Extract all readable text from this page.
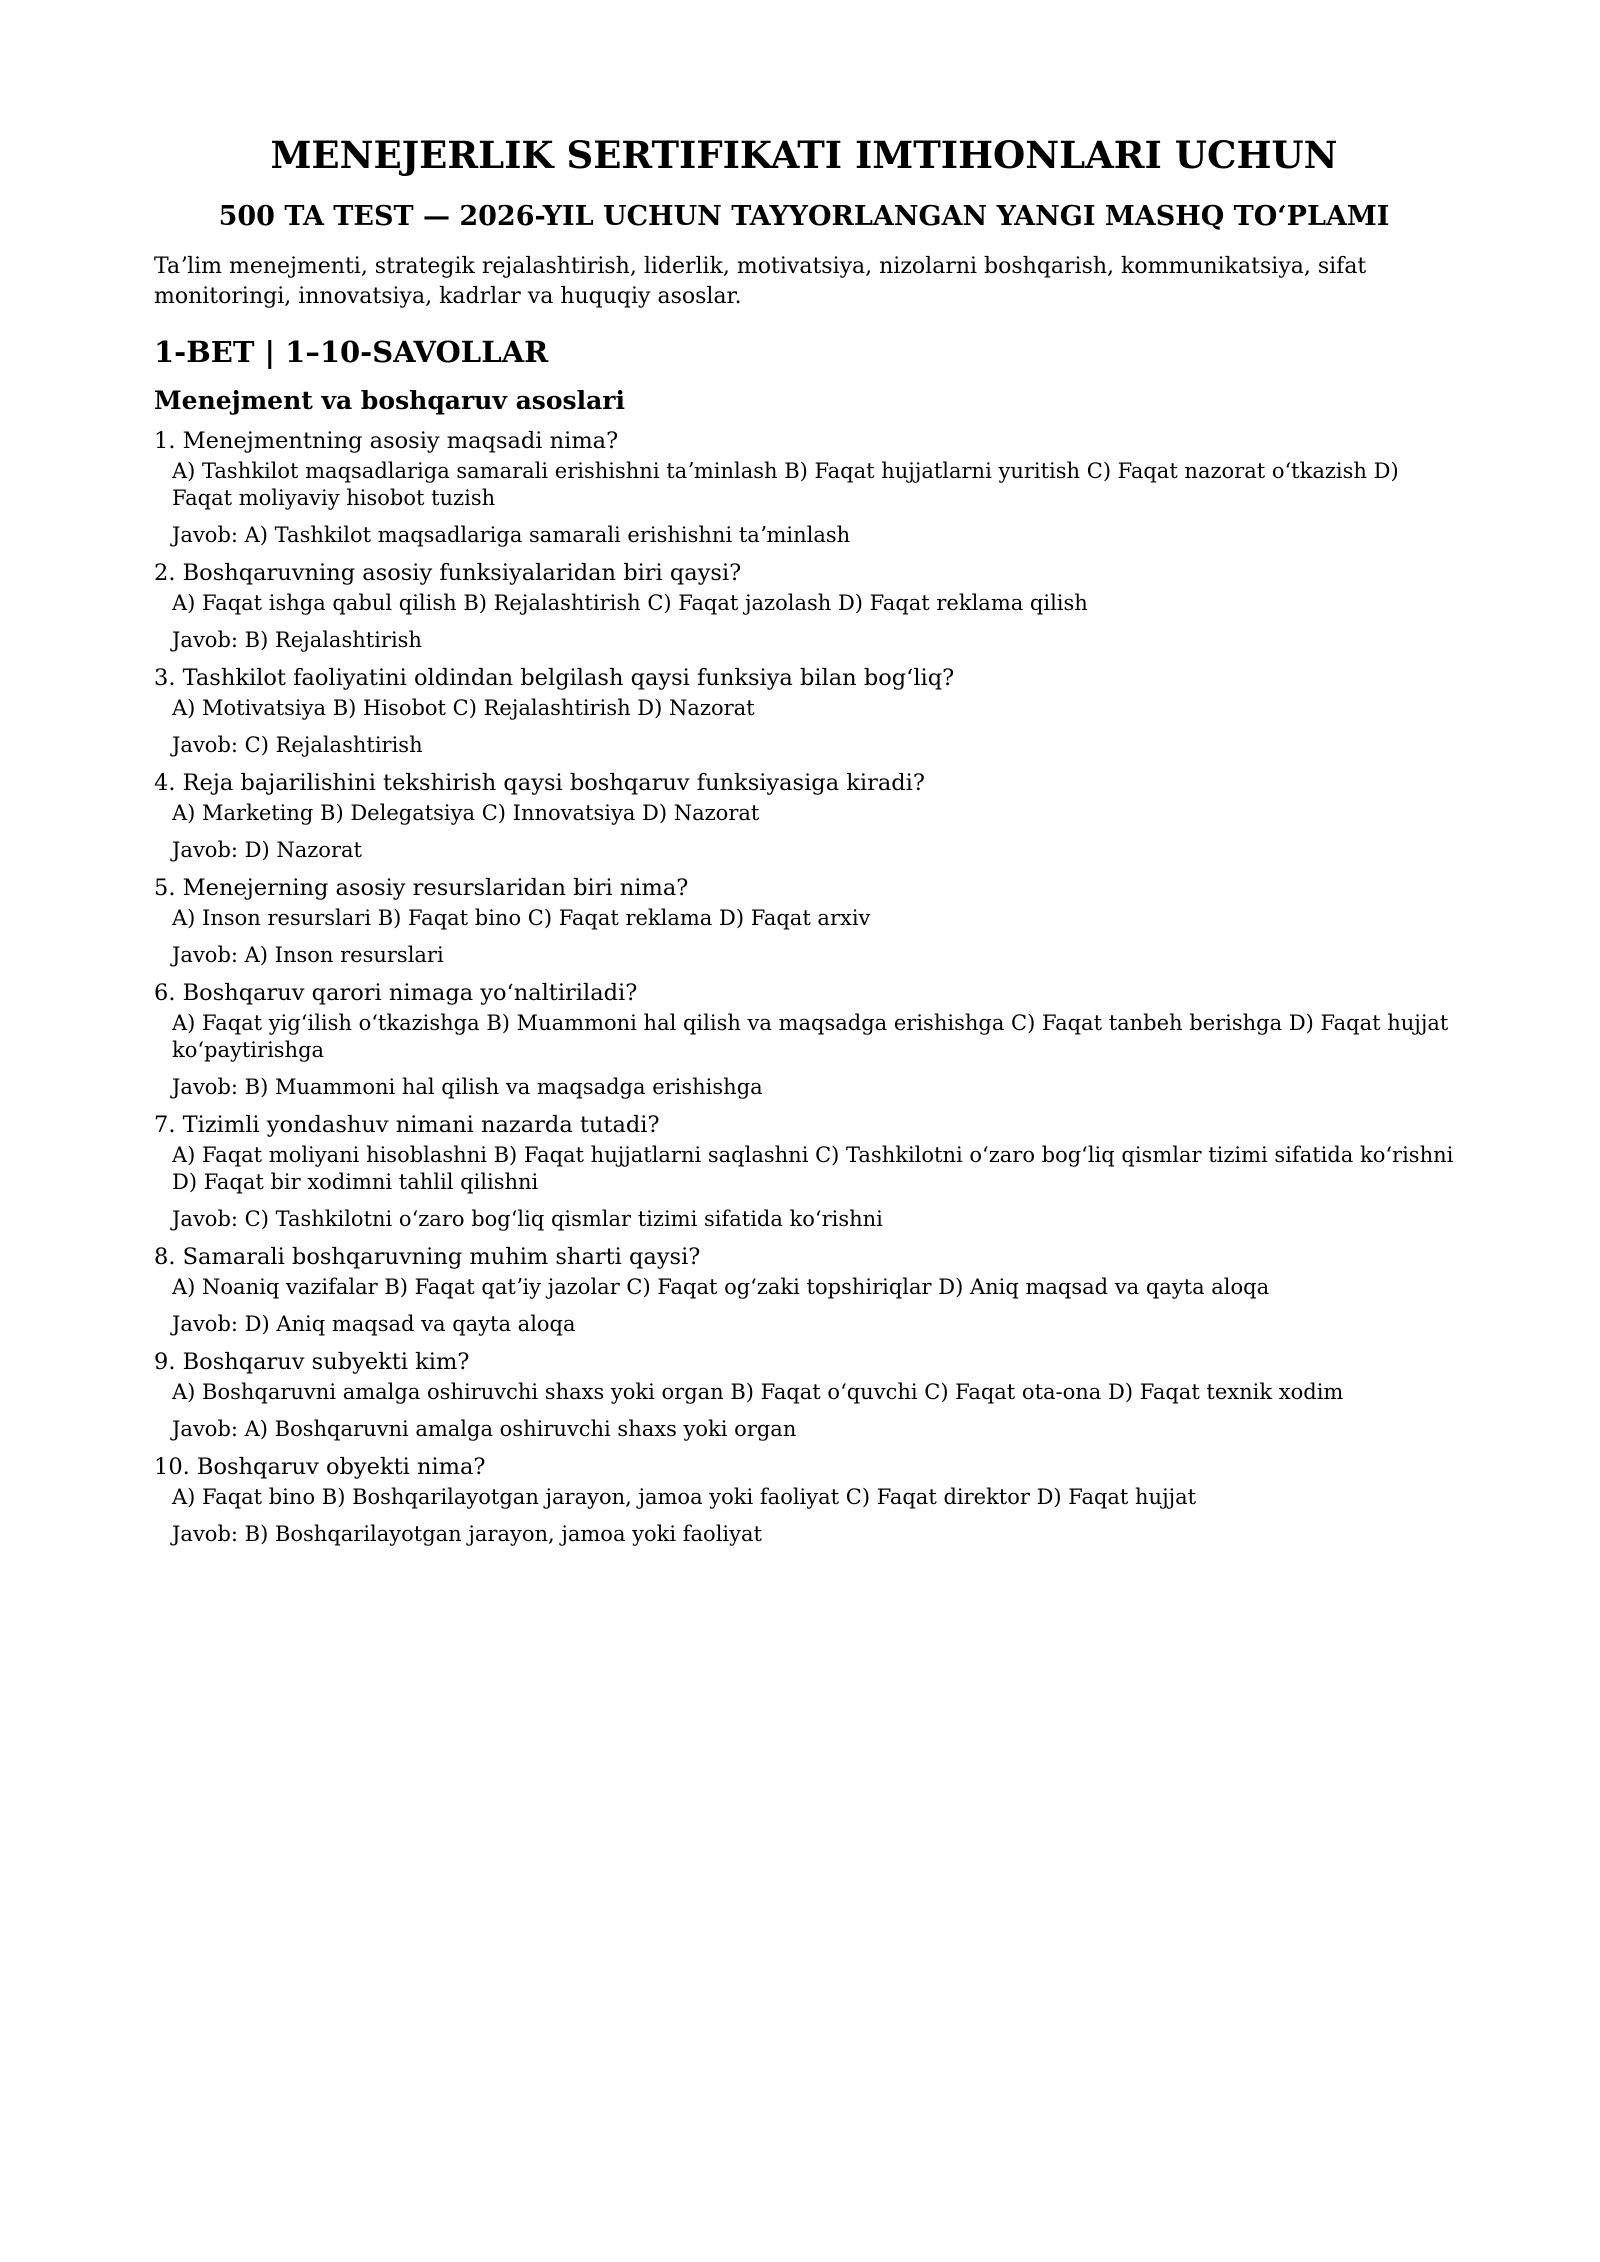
MENEJERLIK SERTIFIKATI IMTIHONLARI UCHUN
500 TA TEST — 2026-YIL UCHUN TAYYORLANGAN YANGI MASHQ TOʻPLAMI

Taʼlim menejmenti, strategik rejalashtirish, liderlik, motivatsiya, nizolarni boshqarish, kommunikatsiya, sifat monitoringi, innovatsiya, kadrlar va huquqiy asoslar.

1-BET | 1–10-SAVOLLAR
Menejment va boshqaruv asoslari

1. Menejmentning asosiy maqsadi nima?

A) Tashkilot maqsadlariga samarali erishishni taʼminlash B) Faqat hujjatlarni yuritish C) Faqat nazorat oʻtkazish D) Faqat moliyaviy hisobot tuzish

Javob: A) Tashkilot maqsadlariga samarali erishishni taʼminlash

2. Boshqaruvning asosiy funksiyalaridan biri qaysi?

A) Faqat ishga qabul qilish B) Rejalashtirish C) Faqat jazolash D) Faqat reklama qilish

Javob: B) Rejalashtirish

3. Tashkilot faoliyatini oldindan belgilash qaysi funksiya bilan bogʻliq?

A) Motivatsiya B) Hisobot C) Rejalashtirish D) Nazorat

Javob: C) Rejalashtirish

4. Reja bajarilishini tekshirish qaysi boshqaruv funksiyasiga kiradi?

A) Marketing B) Delegatsiya C) Innovatsiya D) Nazorat

Javob: D) Nazorat

5. Menejerning asosiy resurslaridan biri nima?

A) Inson resurslari B) Faqat bino C) Faqat reklama D) Faqat arxiv

Javob: A) Inson resurslari

6. Boshqaruv qarori nimaga yoʻnaltiriladi?

A) Faqat yigʻilish oʻtkazishga B) Muammoni hal qilish va maqsadga erishishga C) Faqat tanbeh berishga D) Faqat hujjat koʻpaytirishga

Javob: B) Muammoni hal qilish va maqsadga erishishga

7. Tizimli yondashuv nimani nazarda tutadi?

A) Faqat moliyani hisoblashni B) Faqat hujjatlarni saqlashni C) Tashkilotni oʻzaro bogʻliq qismlar tizimi sifatida koʻrishni D) Faqat bir xodimni tahlil qilishni

Javob: C) Tashkilotni oʻzaro bogʻliq qismlar tizimi sifatida koʻrishni

8. Samarali boshqaruvning muhim sharti qaysi?

A) Noaniq vazifalar B) Faqat qatʼiy jazolar C) Faqat ogʻzaki topshiriqlar D) Aniq maqsad va qayta aloqa

Javob: D) Aniq maqsad va qayta aloqa

9. Boshqaruv subyekti kim?

A) Boshqaruvni amalga oshiruvchi shaxs yoki organ B) Faqat oʻquvchi C) Faqat ota-ona D) Faqat texnik xodim

Javob: A) Boshqaruvni amalga oshiruvchi shaxs yoki organ

10. Boshqaruv obyekti nima?

A) Faqat bino B) Boshqarilayotgan jarayon, jamoa yoki faoliyat C) Faqat direktor D) Faqat hujjat

Javob: B) Boshqarilayotgan jarayon, jamoa yoki faoliyat
